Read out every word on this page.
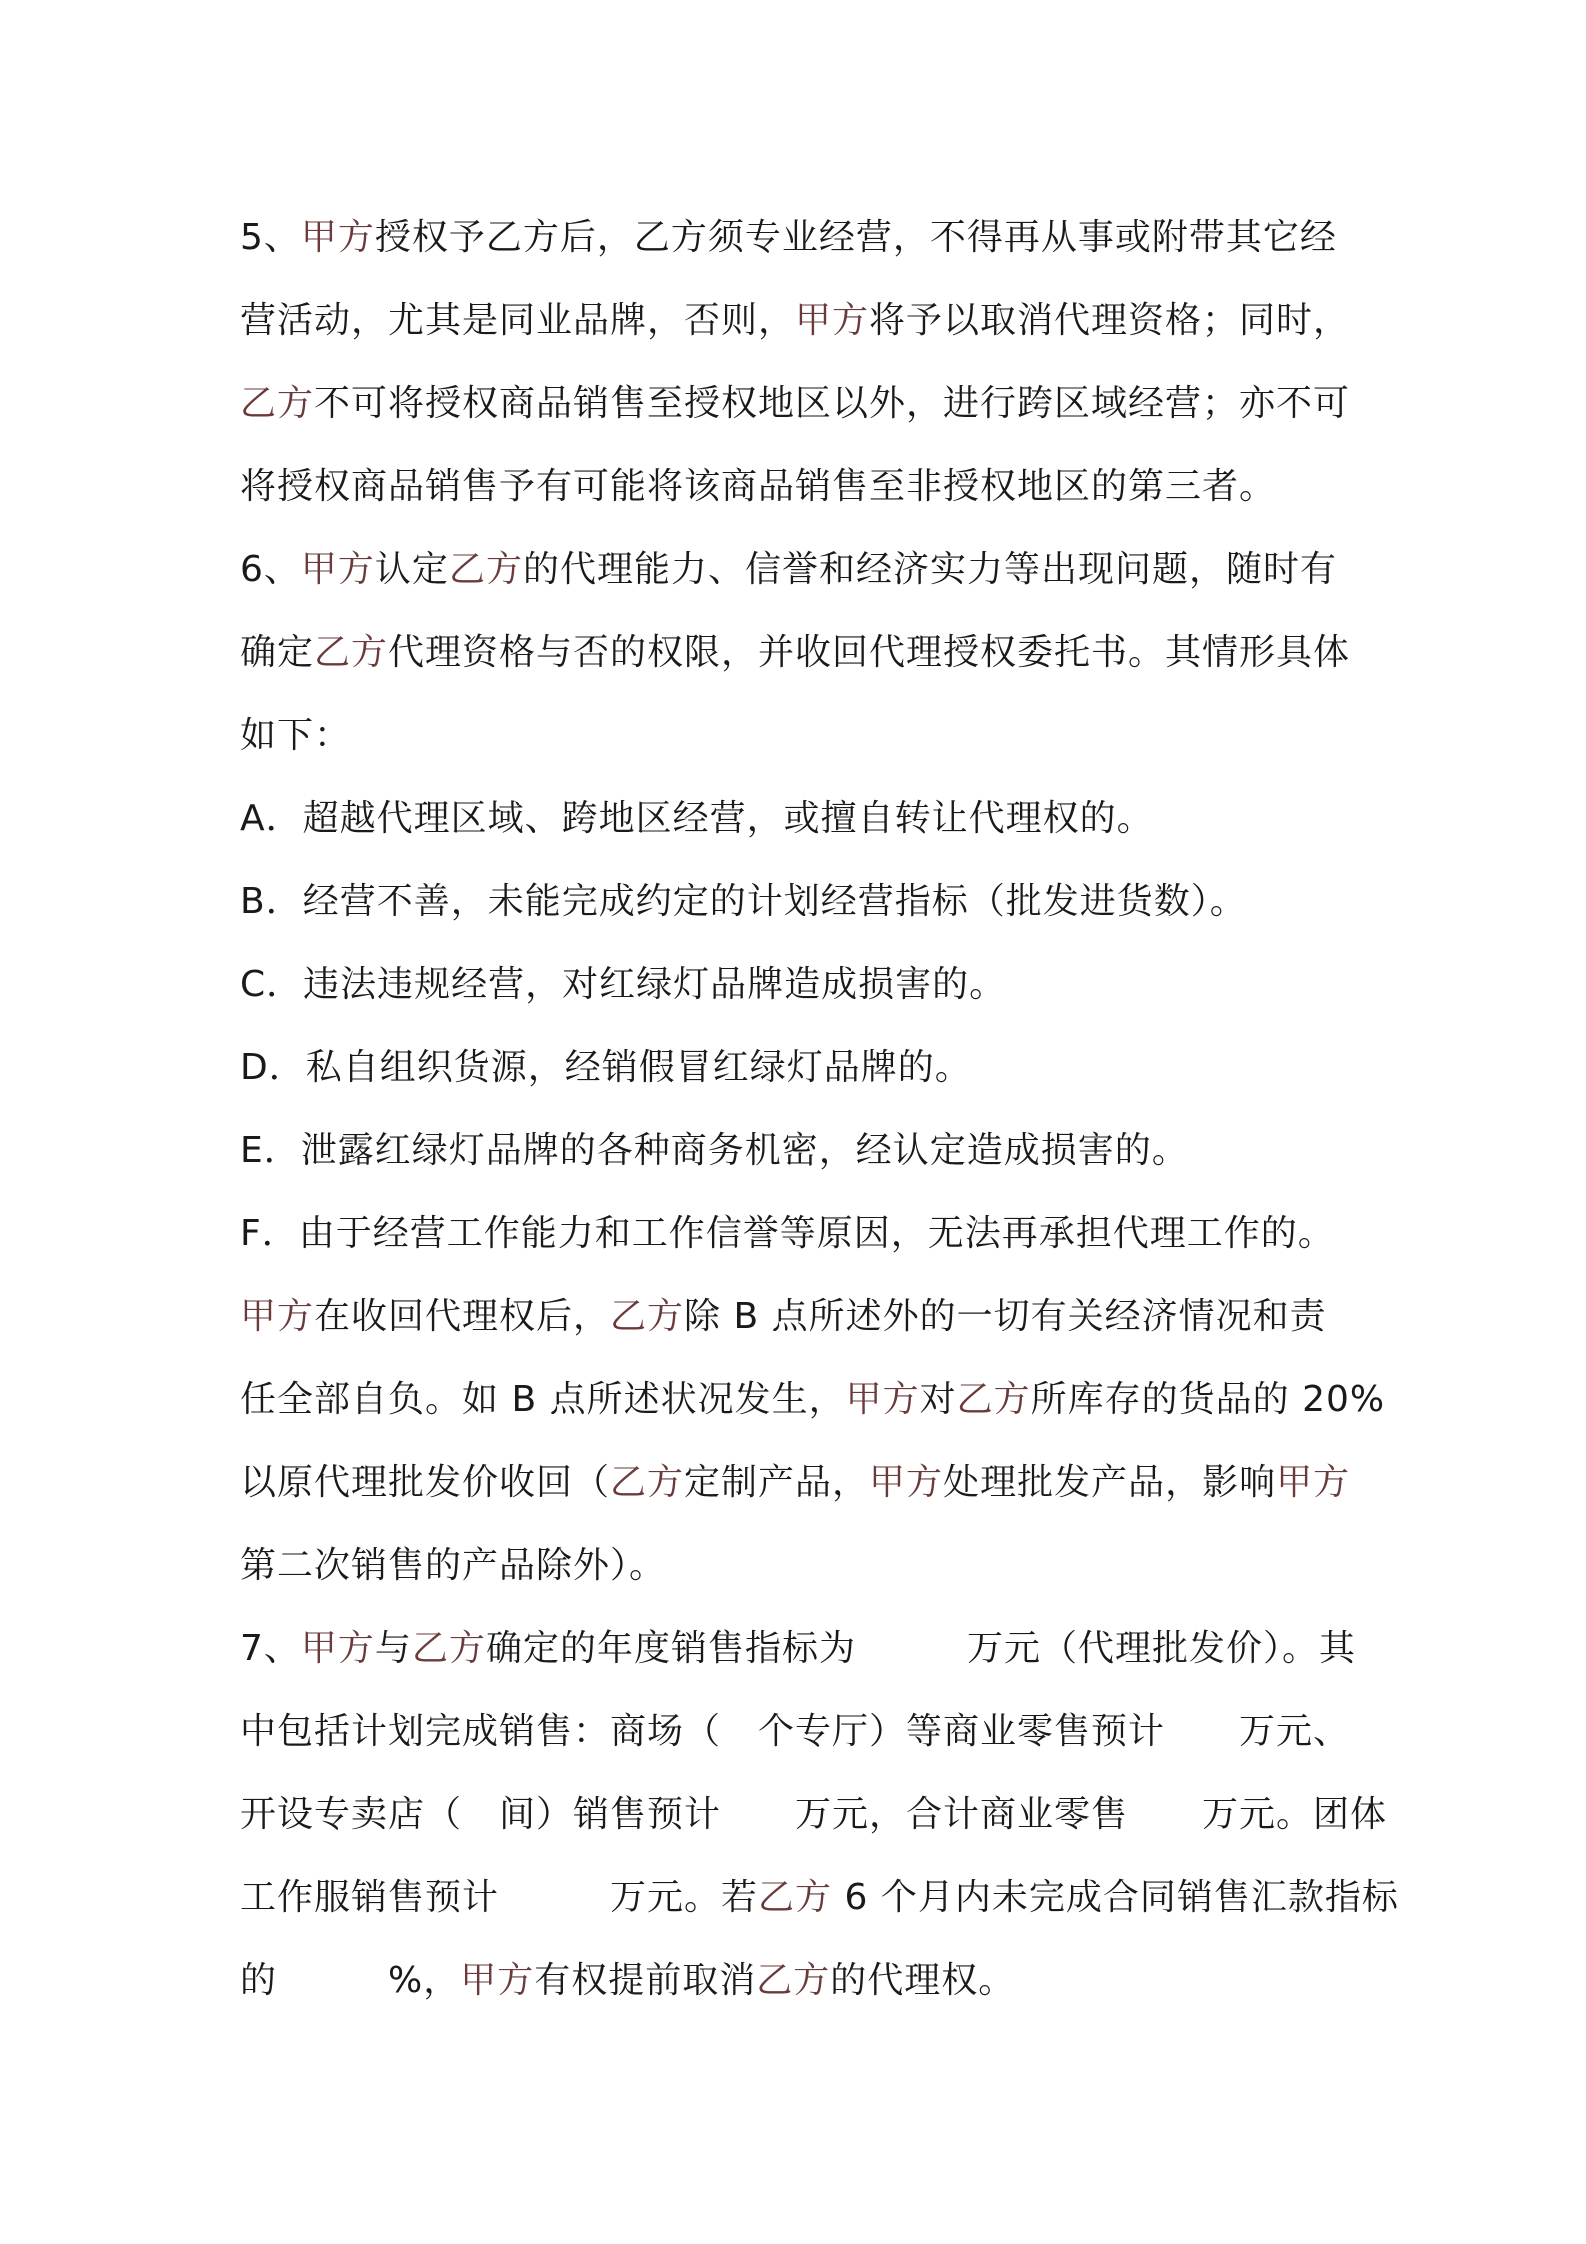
5、甲方授权予乙方后，乙方须专业经营，不得再从事或附带其它经
营活动，尤其是同业品牌，否则，甲方将予以取消代理资格；同时，
乙方不可将授权商品销售至授权地区以外，进行跨区域经营；亦不可
将授权商品销售予有可能将该商品销售至非授权地区的第三者。
6、甲方认定乙方的代理能力、信誉和经济实力等出现问题，随时有
确定乙方代理资格与否的权限，并收回代理授权委托书。其情形具体
如下：
A．超越代理区域、跨地区经营，或擅自转让代理权的。
B．经营不善，未能完成约定的计划经营指标（批发进货数）。
C．违法违规经营，对红绿灯品牌造成损害的。
D．私自组织货源，经销假冒红绿灯品牌的。
E．泄露红绿灯品牌的各种商务机密，经认定造成损害的。
F．由于经营工作能力和工作信誉等原因，无法再承担代理工作的。
甲方在收回代理权后，乙方除 B 点所述外的一切有关经济情况和责
任全部自负。如 B 点所述状况发生，甲方对乙方所库存的货品的 20%
以原代理批发价收回（乙方定制产品，甲方处理批发产品，影响甲方
第二次销售的产品除外）。
7、甲方与乙方确定的年度销售指标为　　　万元（代理批发价）。其
中包括计划完成销售：商场（　个专厅）等商业零售预计　　万元、
开设专卖店（　间）销售预计　　万元，合计商业零售　　万元。团体
工作服销售预计　　　万元。若乙方 6 个月内未完成合同销售汇款指标
的　　　%，甲方有权提前取消乙方的代理权。
